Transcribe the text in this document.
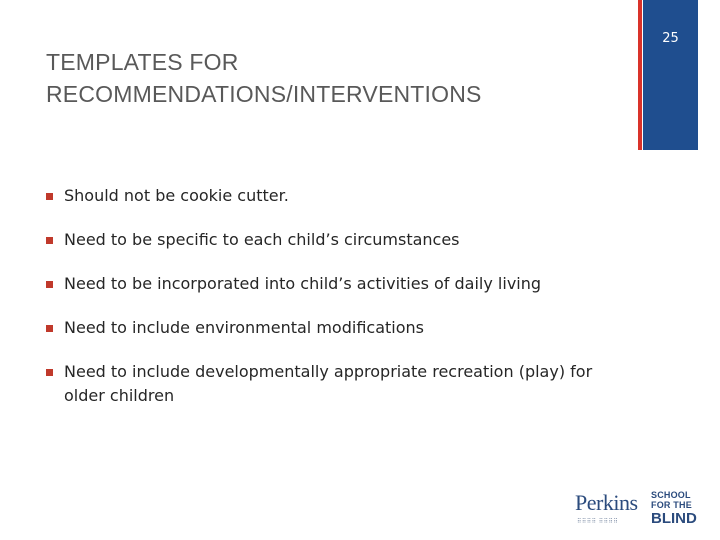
25
TEMPLATES FOR RECOMMENDATIONS/INTERVENTIONS
Should not be cookie cutter.
Need to be specific to each child’s circumstances
Need to be incorporated into child’s activities of daily living
Need to include environmental modifications
Need to include developmentally appropriate recreation (play) for older children
Perkins
⠿⠿⠿⠿ ⠿⠿⠿⠿
SCHOOL
FOR THE
BLIND
